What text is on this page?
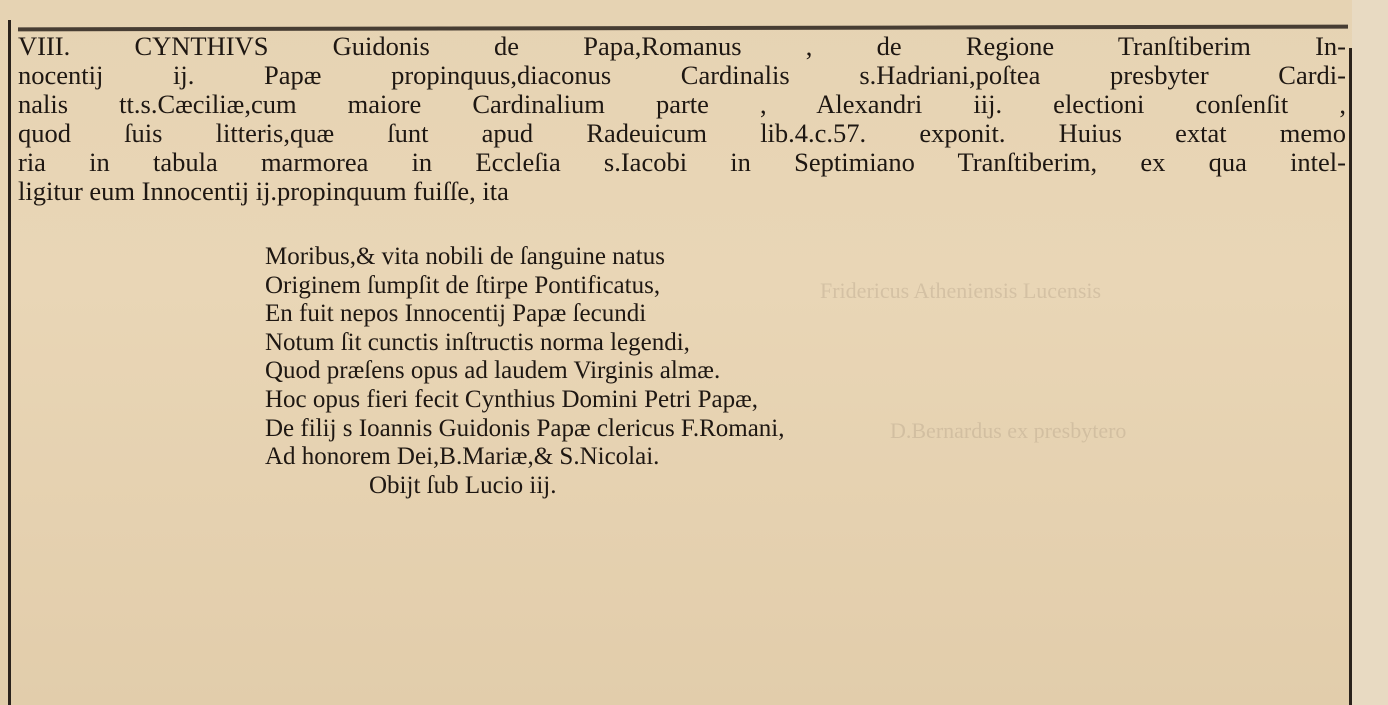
Fridericus Atheniensis Lucensis
D.Bernardus ex presbytero
VIII. CYNTHIVS Guidonis de Papa,Romanus , de Regione Tranſtiberim In-
nocentij ij. Papæ propinquus,diaconus Cardinalis s.Hadriani,poſtea presbyter Cardi-
nalis tt.s.Cæciliæ,cum maiore Cardinalium parte , Alexandri iij. electioni conſenſit ,
quod ſuis litteris,quæ ſunt apud Radeuicum lib.4.c.57. exponit. Huius extat memo
ria in tabula marmorea in Eccleſia s.Iacobi in Septimiano Tranſtiberim, ex qua intel-
ligitur eum Innocentij ij.propinquum fuiſſe, ita
Moribus,& vita nobili de ſanguine natus
Originem ſumpſit de ſtirpe Pontificatus,
En fuit nepos Innocentij Papæ ſecundi
Notum ſit cunctis inſtructis norma legendi,
Quod præſens opus ad laudem Virginis almæ.
Hoc opus fieri fecit Cynthius Domini Petri Papæ,
De filij s Ioannis Guidonis Papæ clericus F.Romani,
Ad honorem Dei,B.Mariæ,& S.Nicolai.
Obijt ſub Lucio iij.
